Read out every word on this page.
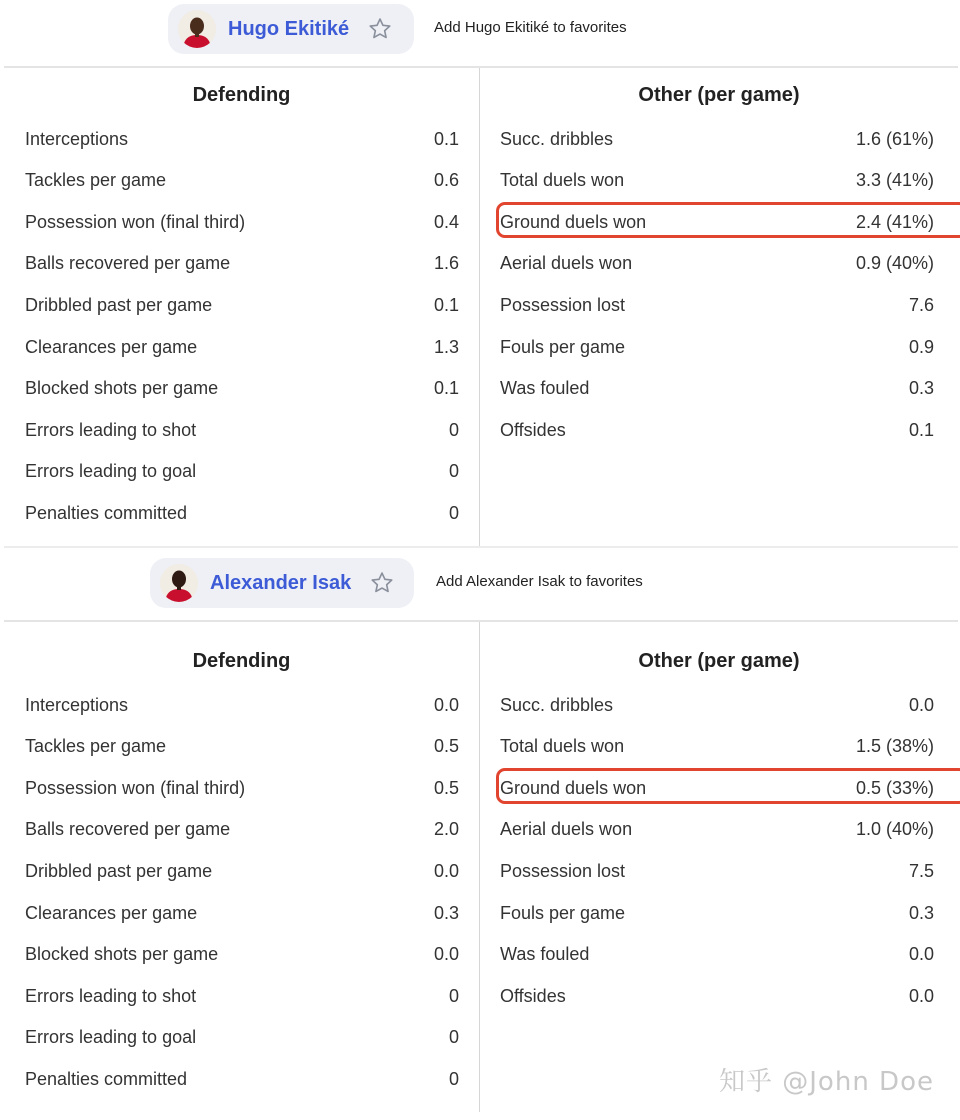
Hugo Ekitiké	Add Hugo Ekitiké to favorites
Defending
Interceptions	0.1
Tackles per game	0.6
Possession won (final third)	0.4
Balls recovered per game	1.6
Dribbled past per game	0.1
Clearances per game	1.3
Blocked shots per game	0.1
Errors leading to shot	0
Errors leading to goal	0
Penalties committed	0
Other (per game)
Succ. dribbles	1.6 (61%)
Total duels won	3.3 (41%)
Ground duels won	2.4 (41%)
Aerial duels won	0.9 (40%)
Possession lost	7.6
Fouls per game	0.9
Was fouled	0.3
Offsides	0.1
Alexander Isak	Add Alexander Isak to favorites
Defending
Interceptions	0.0
Tackles per game	0.5
Possession won (final third)	0.5
Balls recovered per game	2.0
Dribbled past per game	0.0
Clearances per game	0.3
Blocked shots per game	0.0
Errors leading to shot	0
Errors leading to goal	0
Penalties committed	0
Other (per game)
Succ. dribbles	0.0
Total duels won	1.5 (38%)
Ground duels won	0.5 (33%)
Aerial duels won	1.0 (40%)
Possession lost	7.5
Fouls per game	0.3
Was fouled	0.0
Offsides	0.0
知乎 @John Doe
